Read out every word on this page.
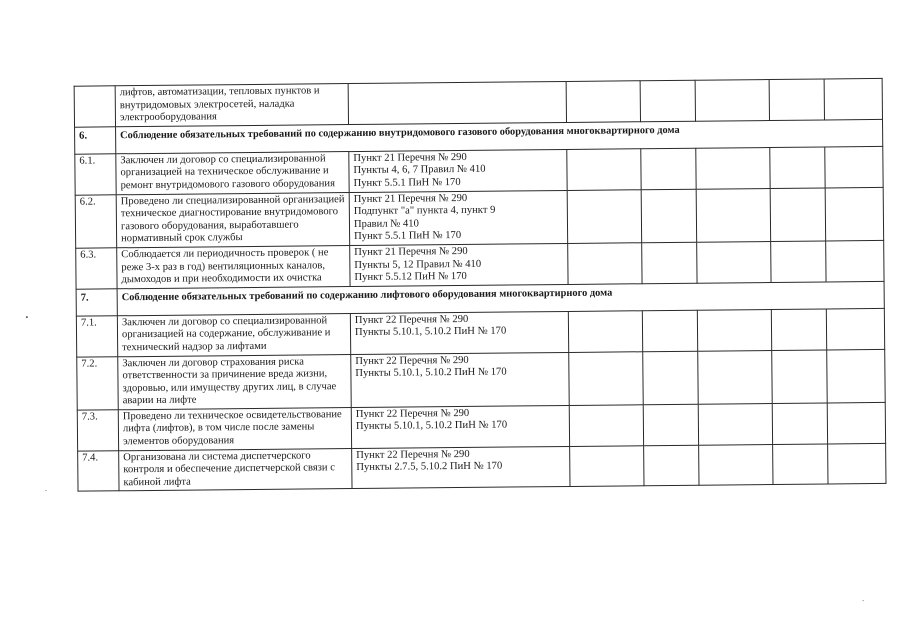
	лифтов, автоматизации, тепловых пунктов и внутридомовых электросетей, наладка электрооборудования						
6.	Соблюдение обязательных требований по содержанию внутридомового газового оборудования многоквартирного дома						
6.1.	Заключен ли договор со специализированной организацией на техническое обслуживание и ремонт внутридомового газового оборудования	Пункт 21 Перечня № 290
Пункты 4, 6, 7 Правил № 410
Пункт 5.5.1 ПиН № 170					

6.2.	Проведено ли специализированной организацией техническое диагностирование внутридомового газового оборудования, выработавшего нормативный срок службы	Пункт 21 Перечня № 290
Подпункт "а" пункта 4, пункт 9
Правил № 410
Пункт 5.5.1 ПиН № 170					

6.3.	Соблюдается ли периодичность проверок ( не реже 3-х раз в год) вентиляционных каналов, дымоходов и при необходимости их очистка	Пункт 21 Перечня № 290
Пункты 5, 12 Правил № 410
Пункт 5.5.12 ПиН № 170					

7.	Соблюдение обязательных требований по содержанию лифтового оборудования многоквартирного дома						
7.1.	Заключен ли договор со специализированной организацией на содержание, обслуживание и технический надзор за лифтами	Пункт 22 Перечня № 290
Пункты 5.10.1, 5.10.2 ПиН № 170					

7.2.	Заключен ли договор страхования риска ответственности за причинение вреда жизни, здоровью, или имуществу других лиц, в случае аварии на лифте	Пункт 22 Перечня № 290
Пункты 5.10.1, 5.10.2 ПиН № 170					

7.3.	Проведено ли техническое освидетельствование лифта (лифтов), в том числе после замены элементов оборудования	Пункт 22 Перечня № 290
Пункты 5.10.1, 5.10.2 ПиН № 170					

7.4.	Организована ли система диспетчерского контроля и обеспечение диспетчерской связи с кабиной лифта	Пункт 22 Перечня № 290
Пункты 2.7.5, 5.10.2 ПиН № 170					
